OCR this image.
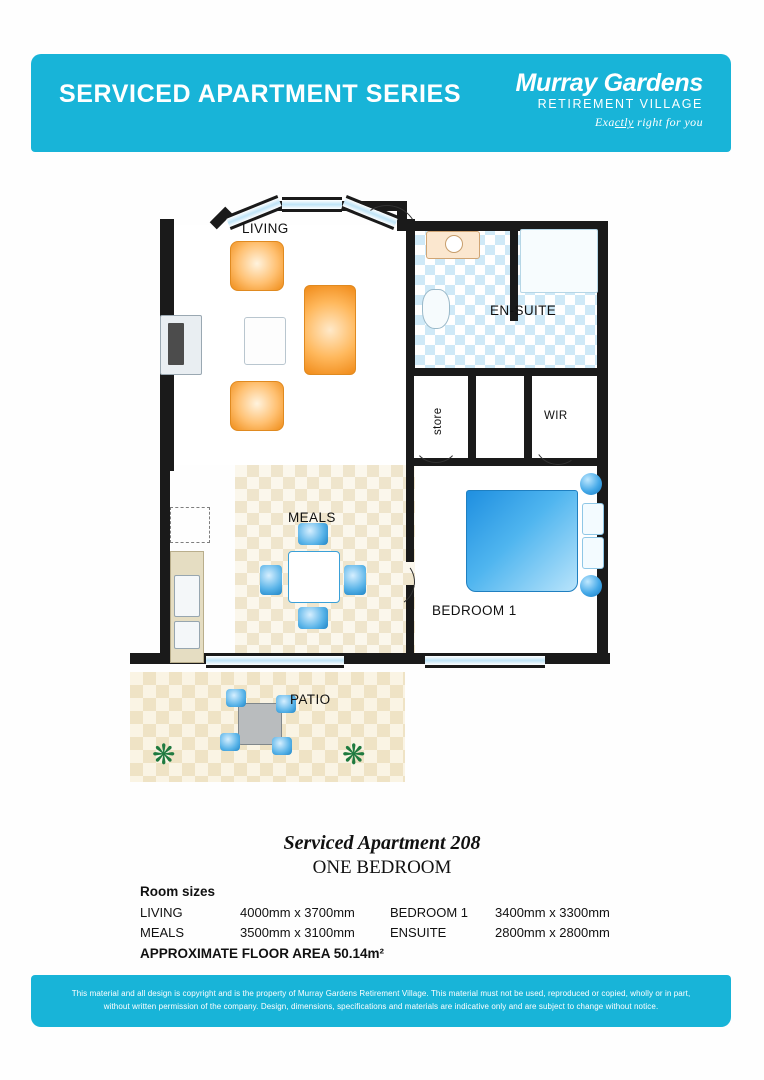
SERVICED APARTMENT SERIES Murray Gardens
RETIREMENT VILLAGE
Exactly right for you
LIVING
MEALS
EN-SUITE
store	WIR
BEDROOM 1
❋	❋
PATIO
Serviced Apartment 208
ONE BEDROOM
Room sizes
LIVING	4000mm x 3700mm	BEDROOM 1	3400mm x 3300mm
MEALS	3500mm x 3100mm	ENSUITE	2800mm x 2800mm
APPROXIMATE FLOOR AREA 50.14m²
This material and all design is copyright and is the property of Murray Gardens Retirement Village. This material must not be used, reproduced or copied, wholly or in part, without written permission of the company. Design, dimensions, specifications and materials are indicative only and are subject to change without notice.
